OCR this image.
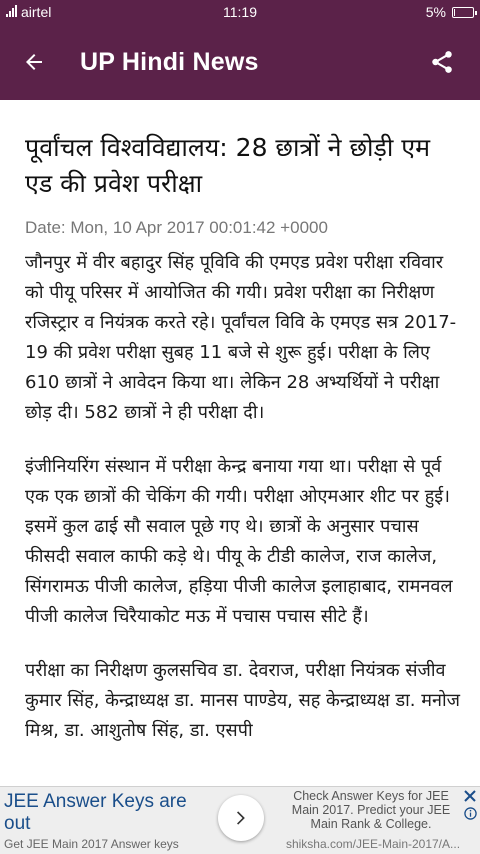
airtel	11:19	5%
UP Hindi News
पूर्वांचल विश्वविद्यालय: 28 छात्रों ने छोड़ी एम एड की प्रवेश परीक्षा
Date: Mon, 10 Apr 2017 00:01:42 +0000

जौनपुर में वीर बहादुर सिंह पूविवि की एमएड प्रवेश परीक्षा रविवार को पीयू परिसर में आयोजित की गयी। प्रवेश परीक्षा का निरीक्षण रजिस्ट्रार व नियंत्रक करते रहे। पूर्वांचल विवि के एमएड सत्र 2017-19 की प्रवेश परीक्षा सुबह 11 बजे से शुरू हुई। परीक्षा के लिए 610 छात्रों ने आवेदन किया था। लेकिन 28 अभ्यर्थियों ने परीक्षा छोड़ दी। 582 छात्रों ने ही परीक्षा दी।

इंजीनियरिंग संस्थान में परीक्षा केन्द्र बनाया गया था। परीक्षा से पूर्व एक एक छात्रों की चेकिंग की गयी। परीक्षा ओएमआर शीट पर हुई। इसमें कुल ढाई सौ सवाल पूछे गए थे। छात्रों के अनुसार पचास फीसदी सवाल काफी कड़े थे। पीयू के टीडी कालेज, राज कालेज, सिंगरामऊ पीजी कालेज, हड़िया पीजी कालेज इलाहाबाद, रामनवल पीजी कालेज चिरैयाकोट मऊ में पचास पचास सीटे हैं।

परीक्षा का निरीक्षण कुलसचिव डा. देवराज, परीक्षा नियंत्रक संजीव कुमार सिंह, केन्द्राध्यक्ष डा. मानस पाण्डेय, सह केन्द्राध्यक्ष डा. मनोज मिश्र, डा. आशुतोष सिंह, डा. एसपी

JEE Answer Keys are out
Get JEE Main 2017 Answer keys
Check Answer Keys for JEE Main 2017. Predict your JEE Main Rank & College.
shiksha.com/JEE-Main-2017/A...
